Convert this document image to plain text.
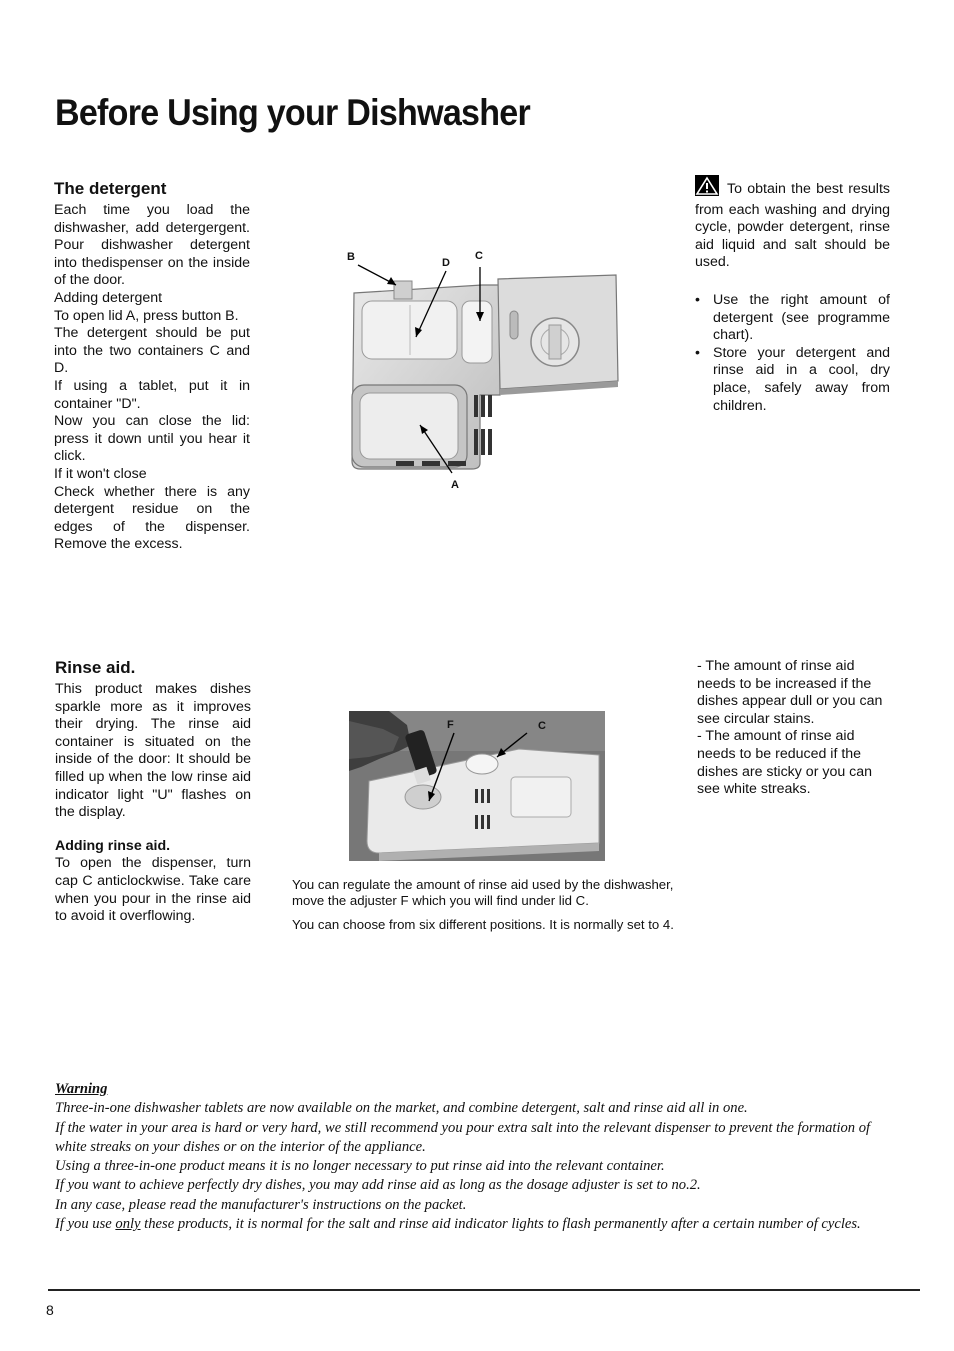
Before Using your Dishwasher
The detergent
Each time you load the dishwasher, add detergergent. Pour dishwasher detergent into thedispenser on the inside of the door.
Adding detergent
To open lid A, press button B.
The detergent should be put into the two containers C and D.
If using a tablet, put it in container "D".
Now you can close the lid: press it down until you hear it click.
If it won't close
Check whether there is any detergent residue on the edges of the dispenser. Remove the excess.
B	D
C
A
To obtain the best results from each washing and drying cycle, powder detergent, rinse aid liquid and salt should be used.
• Use the right amount of detergent (see programme chart).
• Store your detergent and rinse aid in a cool, dry place, safely away from children.
Rinse aid.
This product makes dishes sparkle more as it improves their drying. The rinse aid container is situated on the inside of the door: It should be filled up when the low rinse aid indicator light "U" flashes on the display.
Adding rinse aid.
To open the dispenser, turn cap C anticlockwise. Take care when you pour in the rinse aid to avoid it overflowing.
F	C
You can regulate the amount of rinse aid used by the dishwasher, move the adjuster F which you will find under lid C.
You can choose from six different positions. It is normally set to 4.
- The amount of rinse aid needs to be increased if the dishes appear dull or you can see circular stains.
- The amount of rinse aid needs to be reduced if the dishes are sticky or you can see white streaks.
Warning
Three-in-one dishwasher tablets are now available on the market, and combine detergent, salt and rinse aid all in one.
If the water in your area is hard or very hard, we still recommend you pour extra salt into the relevant dispenser to prevent the formation of white streaks on your dishes or on the interior of the appliance.
Using a three-in-one product means it is no longer necessary to put rinse aid into the relevant container.
If you want to achieve perfectly dry dishes, you may add rinse aid as long as the dosage adjuster is set to no.2.
In any case, please read the manufacturer's instructions on the packet.
If you use only these products, it is normal for the salt and rinse aid indicator lights to flash permanently after a certain number of cycles.
8
